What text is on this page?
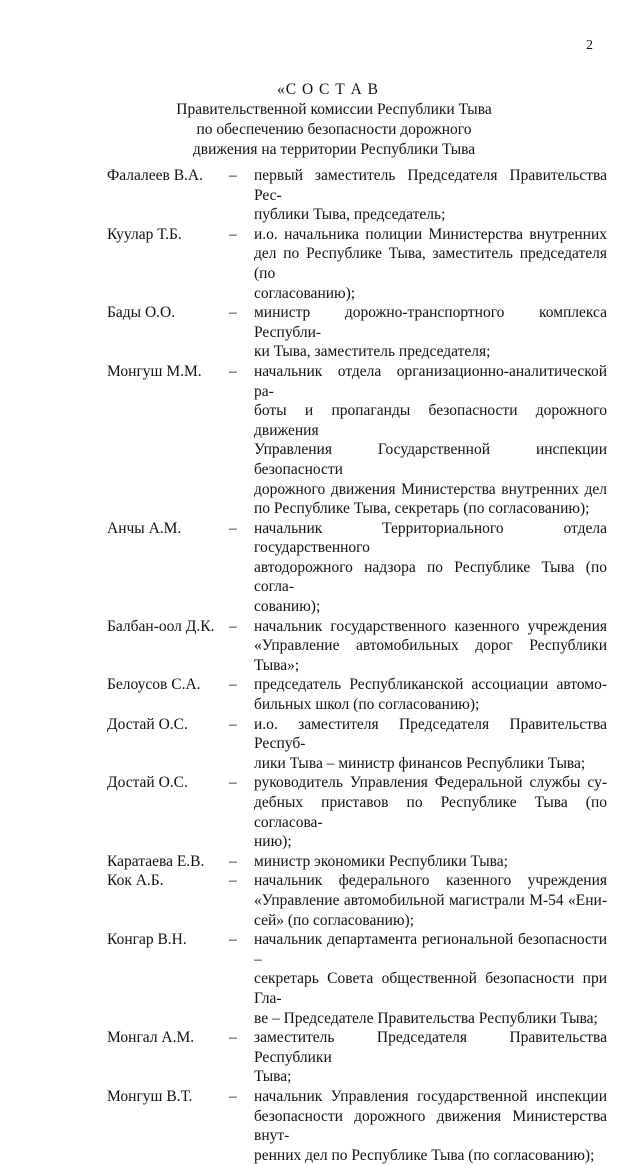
2
«С О С Т А В
Правительственной комиссии Республики Тыва
по обеспечению безопасности дорожного
движения на территории Республики Тыва
Фалалеев В.А.	–	первый заместитель Председателя Правительства Рес-
публики Тыва, председатель;
Куулар Т.Б.	–	и.о. начальника полиции Министерства внутренних
дел по Республике Тыва, заместитель председателя (по
согласованию);
Бады О.О.	–	министр дорожно-транспортного комплекса Республи-
ки Тыва, заместитель председателя;
Монгуш М.М.	–	начальник отдела организационно-аналитической ра-
боты и пропаганды безопасности дорожного движения
Управления Государственной инспекции безопасности
дорожного движения Министерства внутренних дел
по Республике Тыва, секретарь (по согласованию);
Анчы А.М.	–	начальник Территориального отдела государственного
автодорожного надзора по Республике Тыва (по согла-
сованию);
Балбан-оол Д.К. –	начальник государственного казенного учреждения
«Управление автомобильных дорог Республики
Тыва»;
Белоусов С.А.	–	председатель Республиканской ассоциации автомо-
бильных школ (по согласованию);
Достай О.С.	–	и.о. заместителя Председателя Правительства Респуб-
лики Тыва – министр финансов Республики Тыва;
Достай О.С.	–	руководитель Управления Федеральной службы су-
дебных приставов по Республике Тыва (по согласова-
нию);
Каратаева Е.В.	–	министр экономики Республики Тыва;
Кок А.Б.	–	начальник федерального казенного учреждения
«Управление автомобильной магистрали М-54 «Ени-
сей» (по согласованию);
Конгар В.Н.	–	начальник департамента региональной безопасности –
секретарь Совета общественной безопасности при Гла-
ве – Председателе Правительства Республики Тыва;
Монгал А.М.	–	заместитель Председателя Правительства Республики
Тыва;
Монгуш В.Т.	–	начальник Управления государственной инспекции
безопасности дорожного движения Министерства внут-
ренних дел по Республике Тыва (по согласованию);
